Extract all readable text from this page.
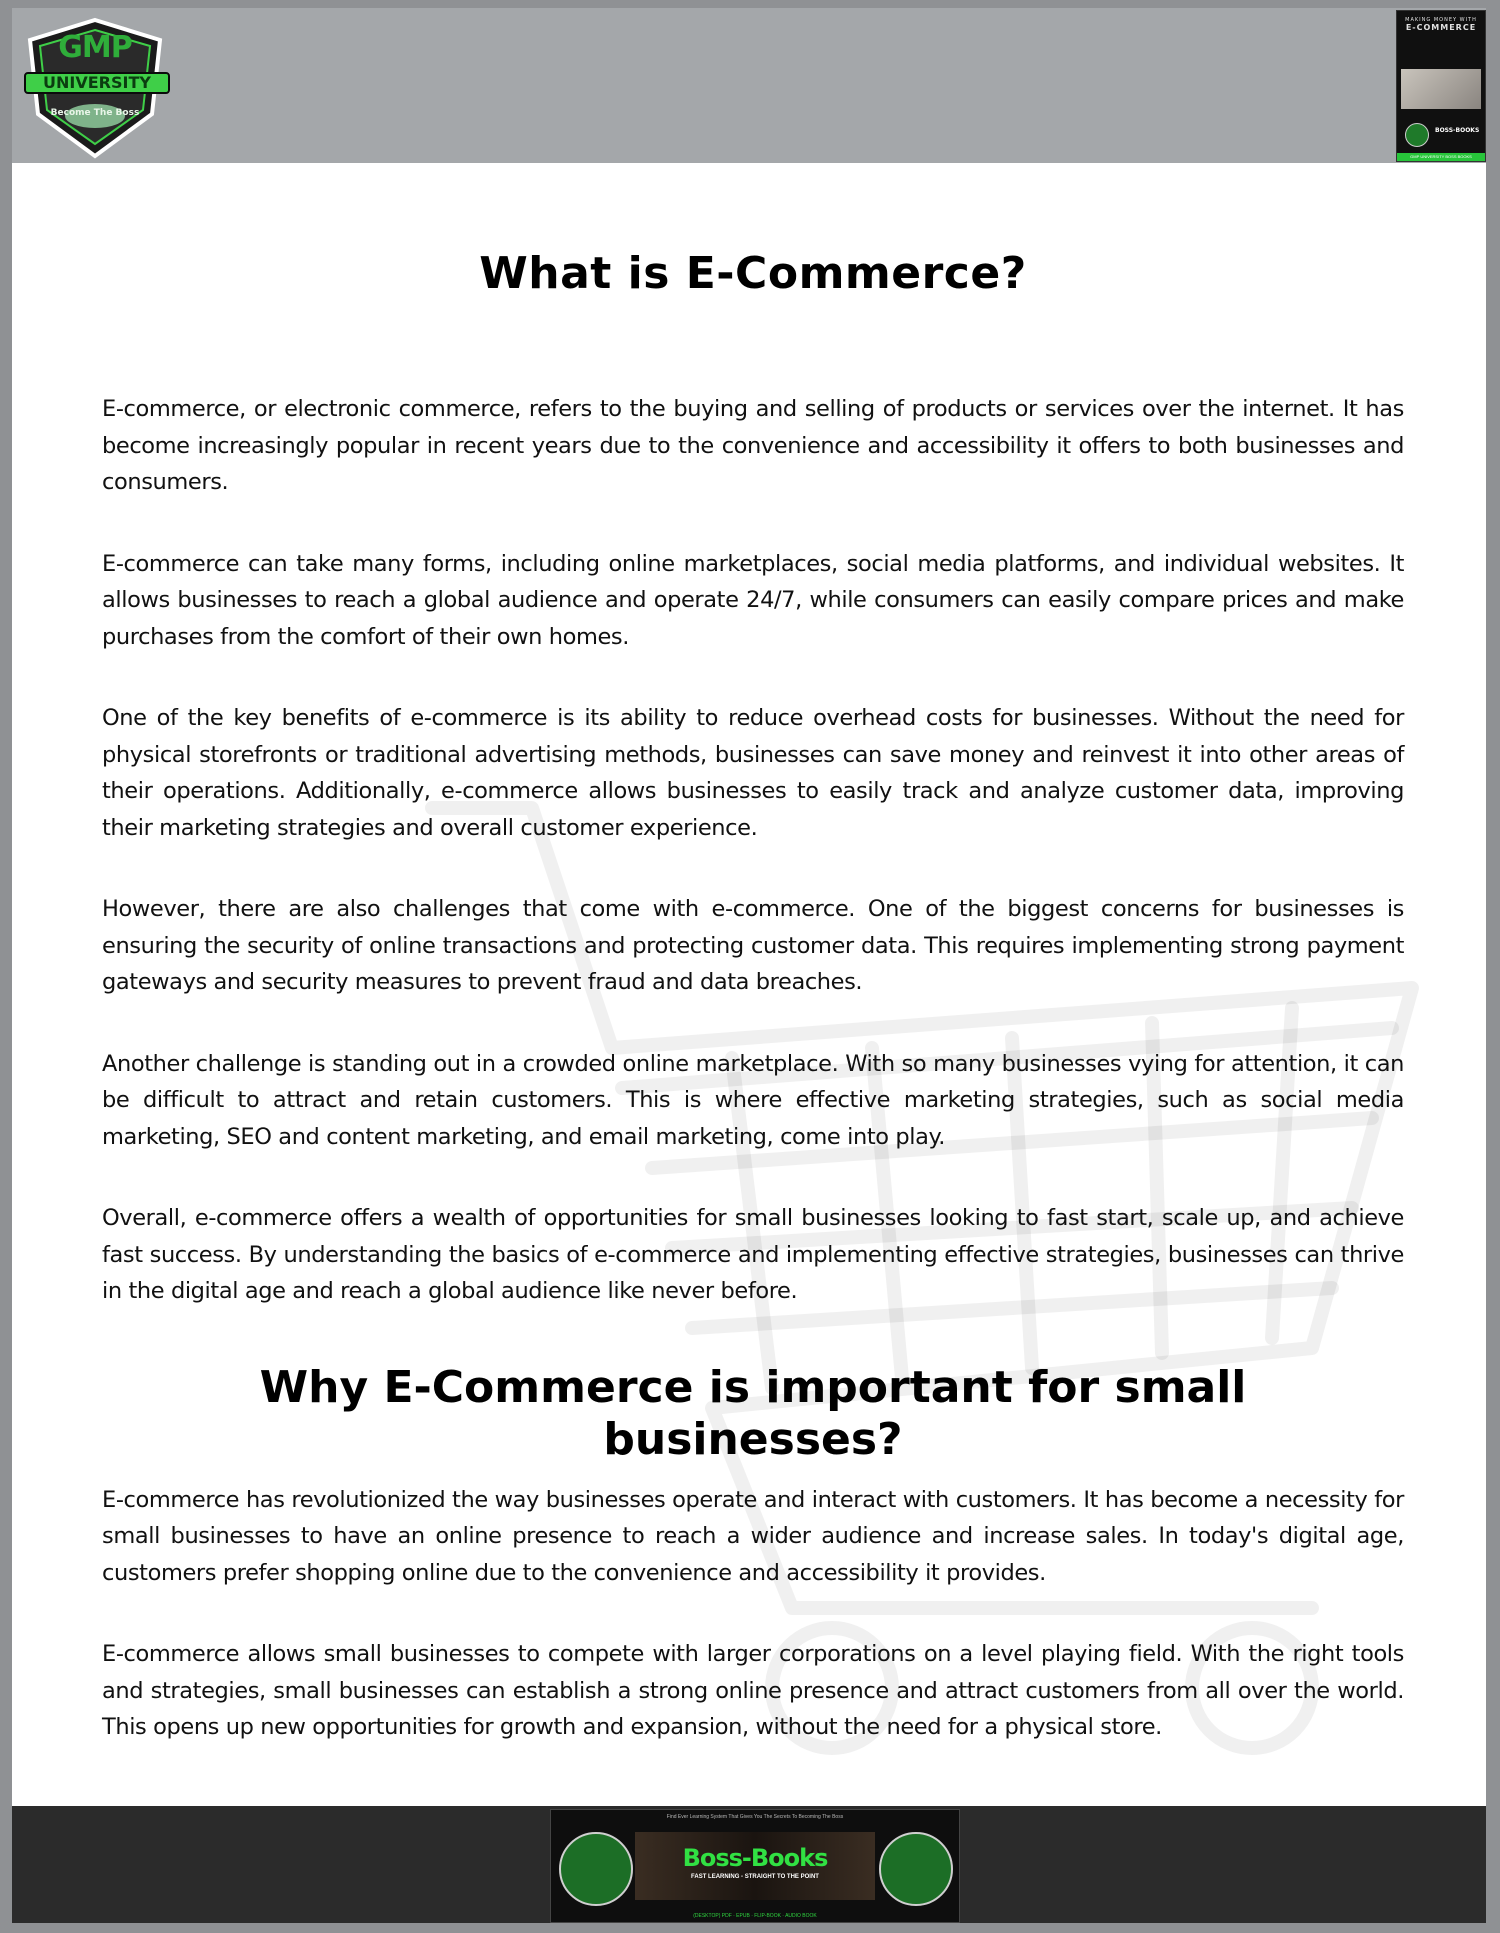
GMP
UNIVERSITY
Become The Boss
MAKING MONEY WITH
E-COMMERCE
BOSS-BOOKS
GMP UNIVERSITY BOSS BOOKS
What is E-Commerce?

E-commerce, or electronic commerce, refers to the buying and selling of products or services over the internet. It has become increasingly popular in recent years due to the convenience and accessibility it offers to both businesses and consumers.

E-commerce can take many forms, including online marketplaces, social media platforms, and individual websites. It allows businesses to reach a global audience and operate 24/7, while consumers can easily compare prices and make purchases from the comfort of their own homes.

One of the key benefits of e-commerce is its ability to reduce overhead costs for businesses. Without the need for physical storefronts or traditional advertising methods, businesses can save money and reinvest it into other areas of their operations. Additionally, e-commerce allows businesses to easily track and analyze customer data, improving their marketing strategies and overall customer experience.

However, there are also challenges that come with e-commerce. One of the biggest concerns for businesses is ensuring the security of online transactions and protecting customer data. This requires implementing strong payment gateways and security measures to prevent fraud and data breaches.

Another challenge is standing out in a crowded online marketplace. With so many businesses vying for attention, it can be difficult to attract and retain customers. This is where effective marketing strategies, such as social media marketing, SEO and content marketing, and email marketing, come into play.

Overall, e-commerce offers a wealth of opportunities for small businesses looking to fast start, scale up, and achieve fast success. By understanding the basics of e-commerce and implementing effective strategies, businesses can thrive in the digital age and reach a global audience like never before.

Why E-Commerce is important for small businesses?

E-commerce has revolutionized the way businesses operate and interact with customers. It has become a necessity for small businesses to have an online presence to reach a wider audience and increase sales. In today's digital age, customers prefer shopping online due to the convenience and accessibility it provides.

E-commerce allows small businesses to compete with larger corporations on a level playing field. With the right tools and strategies, small businesses can establish a strong online presence and attract customers from all over the world. This opens up new opportunities for growth and expansion, without the need for a physical store.

Find Ever Learning System That Gives You The Secrets To Becoming The Boss
Boss-Books
FAST LEARNING - STRAIGHT TO THE POINT
(DESKTOP) PDF · EPUB · FLIP-BOOK · AUDIO BOOK
